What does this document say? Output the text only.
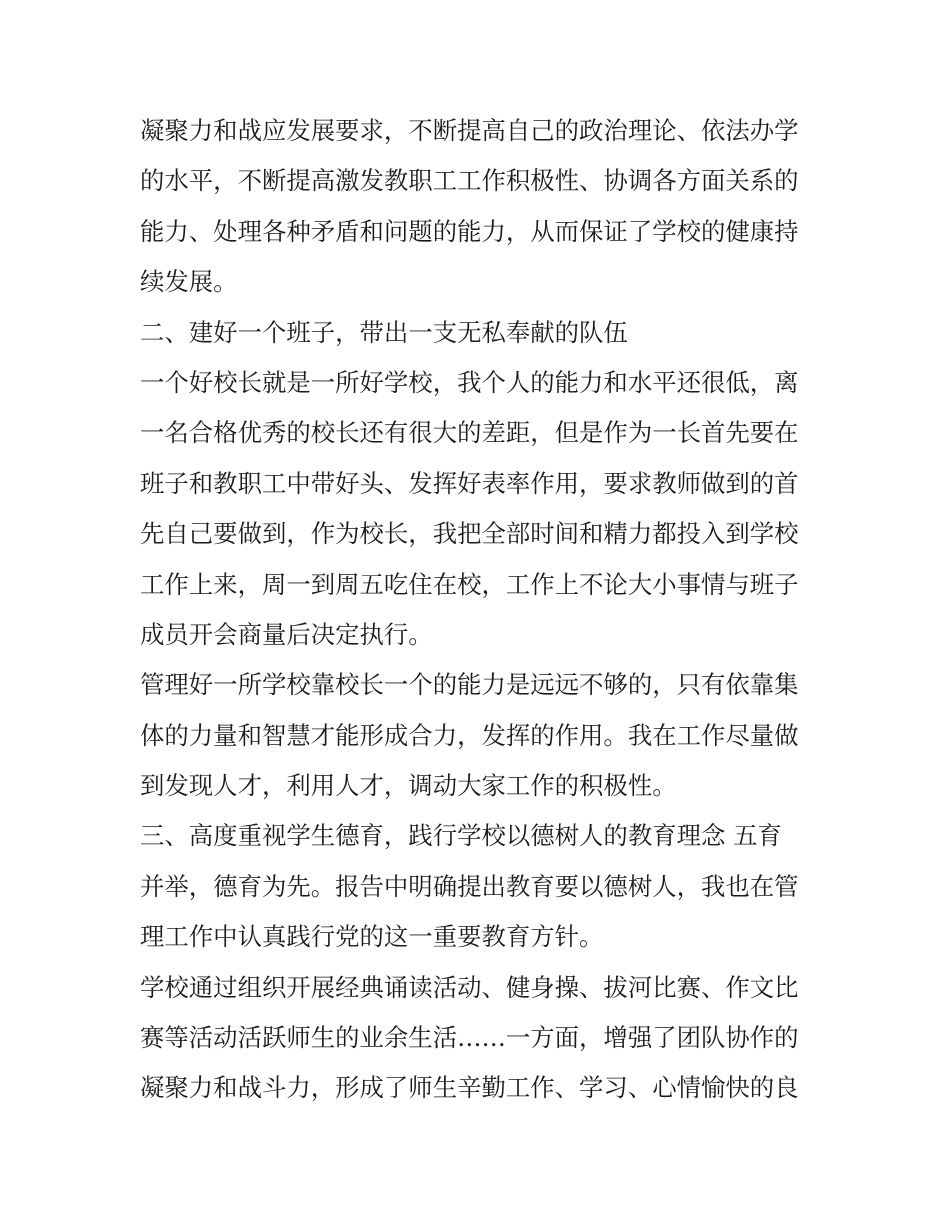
凝聚力和战应发展要求，不断提高自己的政治理论、依法办学
的水平，不断提高激发教职工工作积极性、协调各方面关系的
能力、处理各种矛盾和问题的能力，从而保证了学校的健康持
续发展。
二、建好一个班子，带出一支无私奉献的队伍
一个好校长就是一所好学校，我个人的能力和水平还很低，离
一名合格优秀的校长还有很大的差距，但是作为一长首先要在
班子和教职工中带好头、发挥好表率作用，要求教师做到的首
先自己要做到，作为校长，我把全部时间和精力都投入到学校
工作上来，周一到周五吃住在校，工作上不论大小事情与班子
成员开会商量后决定执行。
管理好一所学校靠校长一个的能力是远远不够的，只有依靠集
体的力量和智慧才能形成合力，发挥的作用。我在工作尽量做
到发现人才，利用人才，调动大家工作的积极性。
三、高度重视学生德育，践行学校以德树人的教育理念 五育
并举，德育为先。报告中明确提出教育要以德树人，我也在管
理工作中认真践行党的这一重要教育方针。
学校通过组织开展经典诵读活动、健身操、拔河比赛、作文比
赛等活动活跃师生的业余生活……一方面，增强了团队协作的
凝聚力和战斗力，形成了师生辛勤工作、学习、心情愉快的良
